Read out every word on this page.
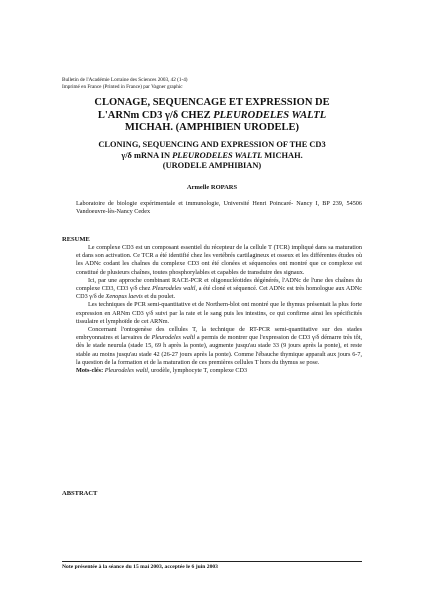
Bulletin de l'Académie Lorraine des Sciences 2003, 42 (1-4)
Imprimé en France (Printed in France) par Vagner graphic
CLONAGE, SEQUENCAGE ET EXPRESSION DE
L'ARNm CD3 γ/δ CHEZ PLEURODELES WALTL
MICHAH. (AMPHIBIEN URODELE)
CLONING, SEQUENCING AND EXPRESSION OF THE CD3
γ/δ mRNA IN PLEURODELES WALTL MICHAH.
(URODELE AMPHIBIAN)
Armelle ROPARS
Laboratoire de biologie expérimentale et immunologie, Université Henri Poincaré- Nancy I, BP 239, 54506 Vandoeuvre-lès-Nancy Cedex
RESUME

Le complexe CD3 est un composant essentiel du récepteur de la cellule T (TCR) impliqué dans sa maturation et dans son activation. Ce TCR a été identifié chez les vertébrés cartilagineux et osseux et les différentes études où les ADNc codant les chaînes du complexe CD3 ont été clonées et séquencées ont montré que ce complexe est constitué de plusieurs chaînes, toutes phosphorylables et capables de transduire des signaux.

Ici, par une approche combinant RACE-PCR et oligonucléotides dégénérés, l'ADNc de l'une des chaînes du complexe CD3, CD3 γ/δ chez Pleurodeles waltl, a été cloné et séquencé. Cet ADNc est très homologue aux ADNc CD3 γ/δ de Xenopus laevis et du poulet.

Les techniques de PCR semi-quantitative et de Northern-blot ont montré que le thymus présentait la plus forte expression en ARNm CD3 γ/δ suivi par la rate et le sang puis les intestins, ce qui confirme ainsi les spécificités tissulaire et lymphoïde de cet ARNm.

Concernant l'ontogenèse des cellules T, la technique de RT-PCR semi-quantitative sur des stades embryonnaires et larvaires de Pleurodeles waltl a permis de montrer que l'expression de CD3 γ/δ démarre très tôt, dès le stade neurula (stade 15, 69 h après la ponte), augmente jusqu'au stade 33 (9 jours après la ponte), et reste stable au moins jusqu'au stade 42 (26-27 jours après la ponte). Comme l'ébauche thymique apparaît aux jours 6-7, la question de la formation et de la maturation de ces premières cellules T hors du thymus se pose.

Mots-clés: Pleurodeles waltl, urodèle, lymphocyte T, complexe CD3

ABSTRACT
Note présentée à la séance du 15 mai 2003, acceptée le 6 juin 2003
